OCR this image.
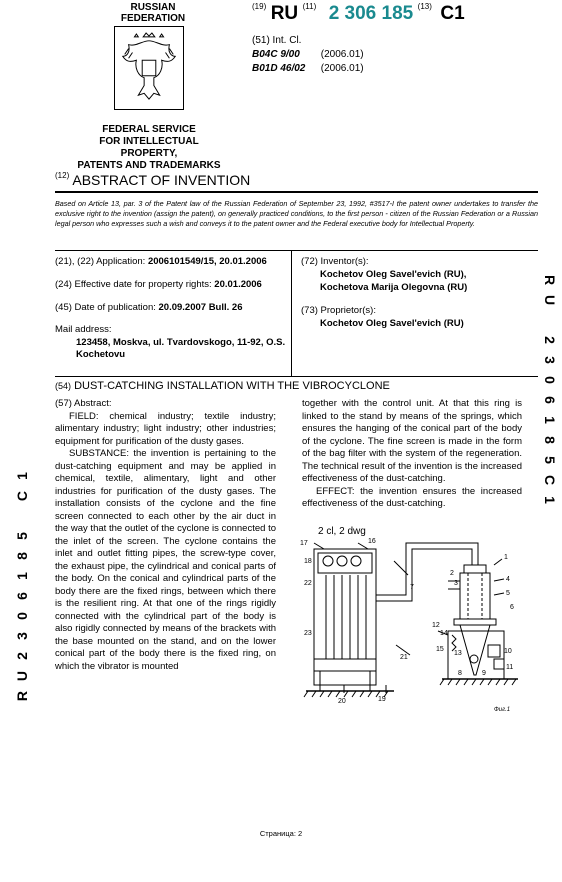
RUSSIAN FEDERATION
FEDERAL SERVICE
FOR INTELLECTUAL PROPERTY,
PATENTS AND TRADEMARKS
$^{(19)}$ RU $^{(11)}$ 2 306 185 $^{(13)}$ C1
(51) Int. Cl.
B04C 9/00 (2006.01)
B01D 46/02 (2006.01)
$^{(12)}$ ABSTRACT OF INVENTION
Based on Article 13, par. 3 of the Patent law of the Russian Federation of September 23, 1992, #3517-I the patent owner undertakes to transfer the exclusive right to the invention (assign the patent), on generally practiced conditions, to the first person - citizen of the Russian Federation or a Russian legal person who expresses such a wish and conveys it to the patent owner and the Federal executive body for Intellectual Property.
(21), (22) Application: 2006101549/15, 20.01.2006
(24) Effective date for property rights: 20.01.2006
(45) Date of publication: 20.09.2007 Bull. 26
Mail address:
123458, Moskva, ul. Tvardovskogo, 11-92, O.S. Kochetovu
(72) Inventor(s):
Kochetov Oleg Savel'evich (RU),
Kochetova Marija Olegovna (RU)
(73) Proprietor(s):
Kochetov Oleg Savel'evich (RU)
(54) DUST-CATCHING INSTALLATION WITH THE VIBROCYCLONE
(57) Abstract:
FIELD: chemical industry; textile industry; alimentary industry; light industry; other industries; equipment for purification of the dusty gases.
SUBSTANCE: the invention is pertaining to the dust-catching equipment and may be applied in chemical, textile, alimentary, light and other industries for purification of the dusty gases. The installation consists of the cyclone and the fine screen connected to each other by the air duct in the way that the outlet of the cyclone is connected to the inlet of the screen. The cyclone contains the inlet and outlet fitting pipes, the screw-type cover, the exhaust pipe, the cylindrical and conical parts of the body. On the conical and cylindrical parts of the body there are the fixed rings, between which there is the resilient ring. At that one of the rings rigidly connected with the cylindrical part of the body is also rigidly connected by means of the brackets with the base mounted on the stand, and on the lower conical part of the body there is the fixed ring, on which the vibrator is mounted
together with the control unit. At that this ring is linked to the stand by means of the springs, which ensures the hanging of the conical part of the body of the cyclone. The fine screen is made in the form of the bag filter with the system of the regeneration. The technical result of the invention is the increased effectiveness of the dust-catching.
EFFECT: the invention ensures the increased effectiveness of the dust-catching.
2 cl, 2 dwg
17	16
18
22
23
7
21
20	19
1
2
3
4
5
6
12
14
15
13	10
8	9
11
Фиг.1
1
C
5
8
1
6
0
3
2
U
R
R
U
2
3
0
6
1
8
5
C
1
Страница: 2
